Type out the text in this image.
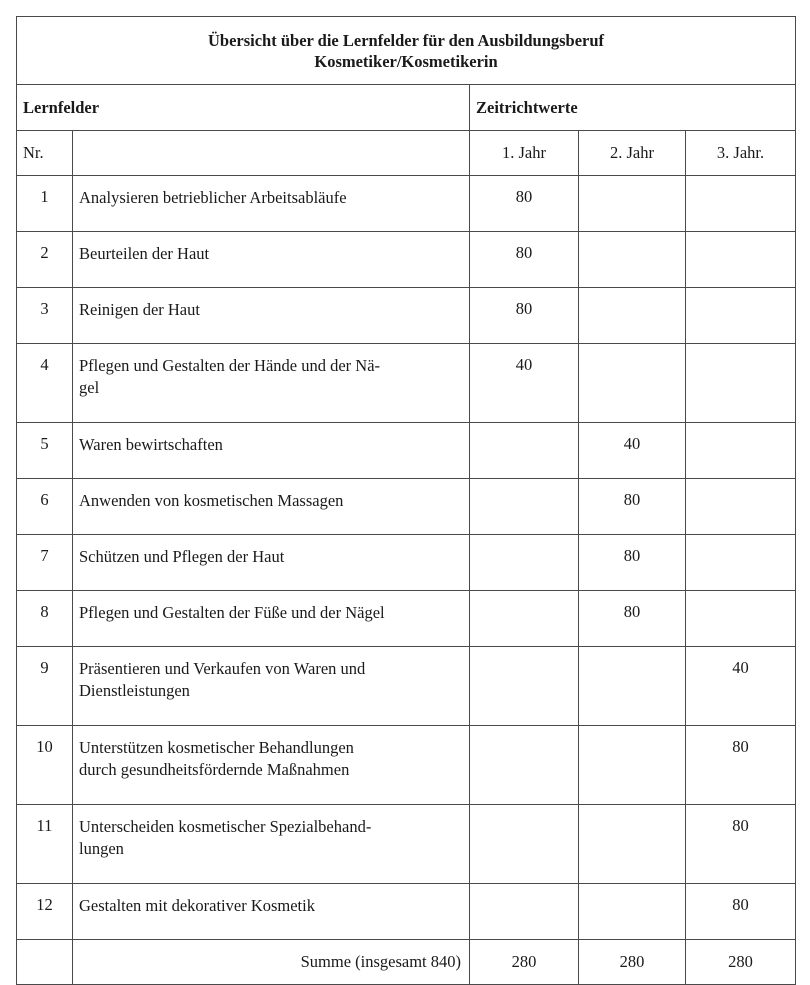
Übersicht über die Lernfelder für den Ausbildungsberuf
Kosmetiker/Kosmetikerin				

Lernfelder		Zeitrichtwerte		
Nr.		1. Jahr	2. Jahr	3. Jahr.
1	Analysieren betrieblicher Arbeitsabläufe	80		
2	Beurteilen der Haut	80		
3	Reinigen der Haut	80		
4	Pflegen und Gestalten der Hände und der Nä-
gel	40		
5	Waren bewirtschaften		40	
6	Anwenden von kosmetischen Massagen		80	
7	Schützen und Pflegen der Haut		80	
8	Pflegen und Gestalten der Füße und der Nägel		80	
9	Präsentieren und Verkaufen von Waren und
Dienstleistungen			40
10	Unterstützen kosmetischer Behandlungen
durch gesundheitsfördernde Maßnahmen			80
11	Unterscheiden kosmetischer Spezialbehand-
lungen			80
12	Gestalten mit dekorativer Kosmetik			80
	Summe (insgesamt 840)	280	280	280
